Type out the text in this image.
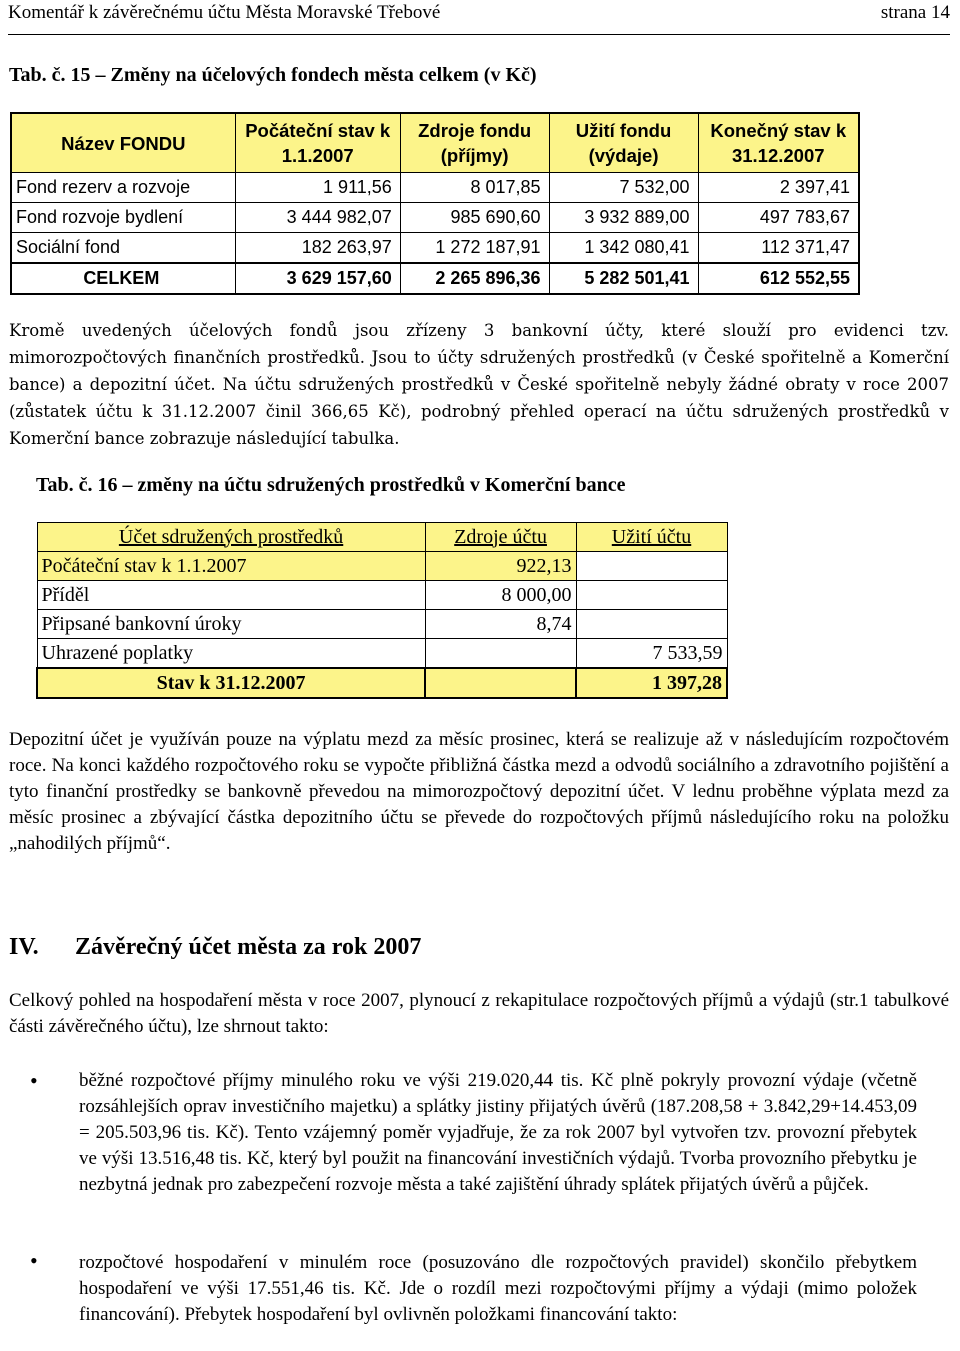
Komentář k závěrečnému účtu Města Moravské Třebové	strana 14
Tab. č. 15 – Změny na účelových fondech města celkem (v Kč)
Název FONDU	Počáteční stav k 1.1.2007	Zdroje fondu (příjmy)	Užití fondu (výdaje)	Konečný stav k 31.12.2007
Fond rezerv a rozvoje	1 911,56	8 017,85	7 532,00	2 397,41
Fond rozvoje bydlení	3 444 982,07	985 690,60	3 932 889,00	497 783,67
Sociální fond	182 263,97	1 272 187,91	1 342 080,41	112 371,47
CELKEM	3 629 157,60	2 265 896,36	5 282 501,41	612 552,55
Kromě uvedených účelových fondů jsou zřízeny 3 bankovní účty, které slouží pro evidenci tzv. mimorozpočtových finančních prostředků. Jsou to účty sdružených prostředků (v České spořitelně a Komerční bance) a depozitní účet. Na účtu sdružených prostředků v České spořitelně nebyly žádné obraty v roce 2007 (zůstatek účtu k 31.12.2007 činil 366,65 Kč), podrobný přehled operací na účtu sdružených prostředků v Komerční bance zobrazuje následující tabulka.
Tab. č. 16 – změny na účtu sdružených prostředků v Komerční bance
Účet sdružených prostředků	Zdroje účtu	Užití účtu
Počáteční stav k 1.1.2007	922,13	
Příděl	8 000,00	
Připsané bankovní úroky	8,74	
Uhrazené poplatky		7 533,59
Stav k 31.12.2007		1 397,28
Depozitní účet je využíván pouze na výplatu mezd za měsíc prosinec, která se realizuje až v následujícím rozpočtovém roce. Na konci každého rozpočtového roku se vypočte přibližná částka mezd a odvodů sociálního a zdravotního pojištění a tyto finanční prostředky se bankovně převedou na mimorozpočtový depozitní účet. V lednu proběhne výplata mezd za měsíc prosinec a zbývající částka depozitního účtu se převede do rozpočtových příjmů následujícího roku na položku „nahodilých příjmů“.
IV. Závěrečný účet města za rok 2007
Celkový pohled na hospodaření města v roce 2007, plynoucí z rekapitulace rozpočtových příjmů a výdajů (str.1 tabulkové části závěrečného účtu), lze shrnout takto:
• běžné rozpočtové příjmy minulého roku ve výši 219.020,44 tis. Kč plně pokryly provozní výdaje (včetně rozsáhlejších oprav investičního majetku) a splátky jistiny přijatých úvěrů (187.208,58 + 3.842,29+14.453,09 = 205.503,96 tis. Kč). Tento vzájemný poměr vyjadřuje, že za rok 2007 byl vytvořen tzv. provozní přebytek ve výši 13.516,48 tis. Kč, který byl použit na financování investičních výdajů. Tvorba provozního přebytku je nezbytná jednak pro zabezpečení rozvoje města a také zajištění úhrady splátek přijatých úvěrů a půjček.
• rozpočtové hospodaření v minulém roce (posuzováno dle rozpočtových pravidel) skončilo přebytkem hospodaření ve výši 17.551,46 tis. Kč. Jde o rozdíl mezi rozpočtovými příjmy a výdaji (mimo položek financování). Přebytek hospodaření byl ovlivněn položkami financování takto:
